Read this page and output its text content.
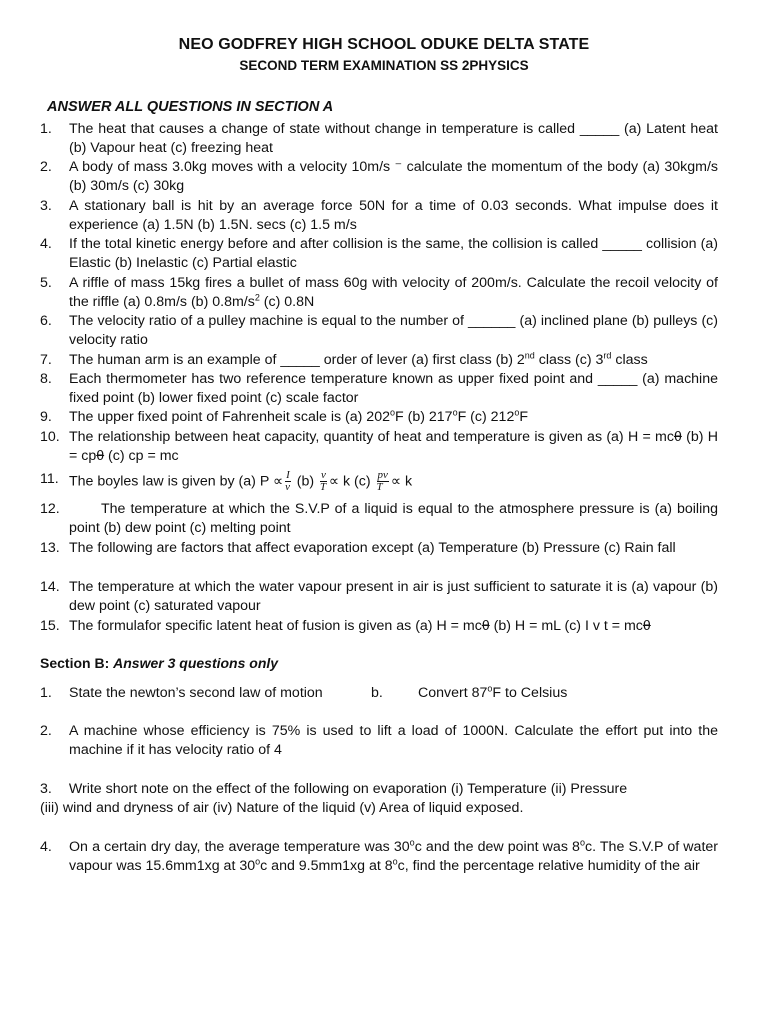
NEO GODFREY HIGH SCHOOL ODUKE DELTA STATE
SECOND TERM EXAMINATION SS 2PHYSICS
ANSWER ALL QUESTIONS IN SECTION A
1. The heat that causes a change of state without change in temperature is called _____ (a) Latent heat (b) Vapour heat (c) freezing heat
2. A body of mass 3.0kg moves with a velocity 10m/s ⁻ calculate the momentum of the body (a) 30kgm/s (b) 30m/s (c) 30kg
3. A stationary ball is hit by an average force 50N for a time of 0.03 seconds. What impulse does it experience (a) 1.5N (b) 1.5N. secs (c) 1.5 m/s
4. If the total kinetic energy before and after collision is the same, the collision is called _____ collision (a) Elastic (b) Inelastic (c) Partial elastic
5. A riffle of mass 15kg fires a bullet of mass 60g with velocity of 200m/s. Calculate the recoil velocity of the riffle (a) 0.8m/s (b) $0.8m/s^2$ (c) 0.8N
6. The velocity ratio of a pulley machine is equal to the number of ______ (a) inclined plane (b) pulleys (c) velocity ratio
7. The human arm is an example of _____ order of lever (a) first class (b) 2nd class (c) 3rd class
8. Each thermometer has two reference temperature known as upper fixed point and _____ (a) machine fixed point (b) lower fixed point (c) scale factor
9. The upper fixed point of Fahrenheit scale is (a) 202$^o$F (b) 217$^o$F (c) 212$^o$F
10. The relationship between heat capacity, quantity of heat and temperature is given as (a) H = mcθ (b) H = cpθ (c) cp = mc
11. The boyles law is given by (a) $P \propto \frac{I}{v} (b) \frac{v}{T} \propto k$ $(c) \frac{pv}{T} \propto k$
12.	The temperature at which the S.V.P of a liquid is equal to the atmosphere pressure is (a) boiling point (b) dew point (c) melting point
13. The following are factors that affect evaporation except (a) Temperature (b) Pressure (c) Rain fall
14. The temperature at which the water vapour present in air is just sufficient to saturate it is (a) vapour (b) dew point (c) saturated vapour
15. The formulafor specific latent heat of fusion is given as (a) H = mcθ (b) H = mL (c) I v t = mcθ
Section B: Answer 3 questions only
1. State the newton’s second law of motion	b. Convert 87$^o$F to Celsius
2. A machine whose efficiency is 75% is used to lift a load of 1000N. Calculate the effort put into the machine if it has velocity ratio of 4
3. Write short note on the effect of the following on evaporation (i) Temperature (ii) Pressure
(iii) wind and dryness of air (iv) Nature of the liquid (v) Area of liquid exposed.
4. On a certain dry day, the average temperature was 30$^o$c and the dew point was 8$^o$c. The S.V.P of water vapour was 15.6mm1xg at 30$^o$c and 9.5mm1xg at 8$^o$c, find the percentage relative humidity of the air
